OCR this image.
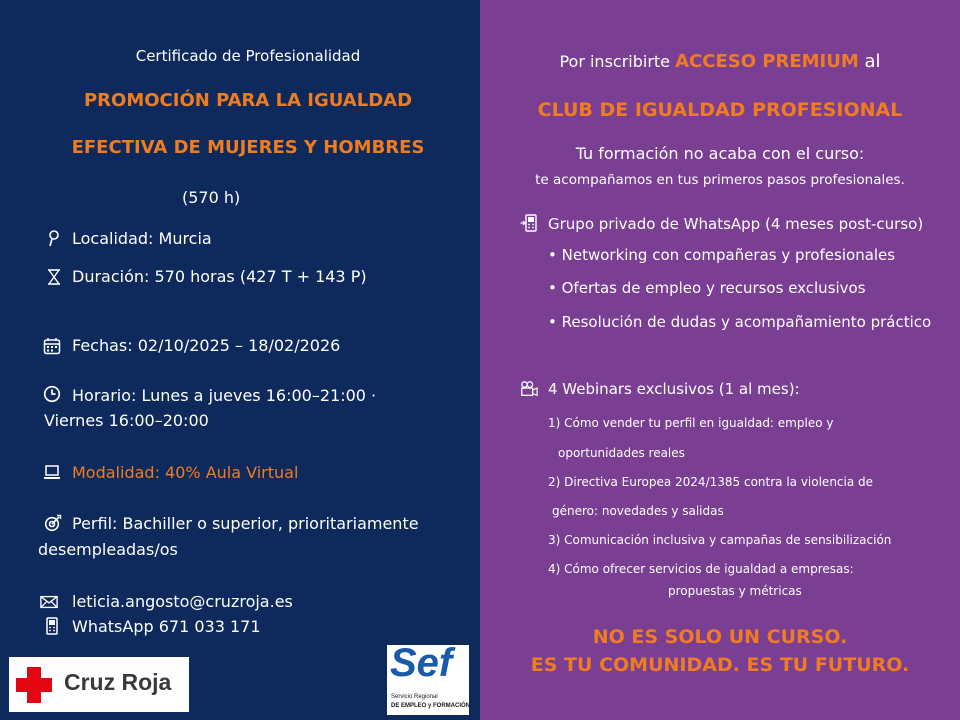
Certificado de Profesionalidad
PROMOCIÓN PARA LA IGUALDAD
EFECTIVA DE MUJERES Y HOMBRES
(570 h)
Localidad: Murcia
Duración: 570 horas (427 T + 143 P)
Fechas: 02/10/2025 – 18/02/2026
Horario: Lunes a jueves 16:00–21:00 ·
Viernes 16:00–20:00
Modalidad: 40% Aula Virtual
Perfil: Bachiller o superior, prioritariamente
desempleadas/os
leticia.angosto@cruzroja.es
WhatsApp 671 033 171
Cruz Roja	Sef
Servicio Regional
DE EMPLEO y FORMACIÓN
Por inscribirte ACCESO PREMIUM al
CLUB DE IGUALDAD PROFESIONAL
Tu formación no acaba con el curso:
te acompañamos en tus primeros pasos profesionales.
Grupo privado de WhatsApp (4 meses post-curso)
• Networking con compañeras y profesionales
• Ofertas de empleo y recursos exclusivos
• Resolución de dudas y acompañamiento práctico
4 Webinars exclusivos (1 al mes):
1) Cómo vender tu perfil en igualdad: empleo y
oportunidades reales
2) Directiva Europea 2024/1385 contra la violencia de
género: novedades y salidas
3) Comunicación inclusiva y campañas de sensibilización
4) Cómo ofrecer servicios de igualdad a empresas:
propuestas y métricas
NO ES SOLO UN CURSO.
ES TU COMUNIDAD. ES TU FUTURO.
